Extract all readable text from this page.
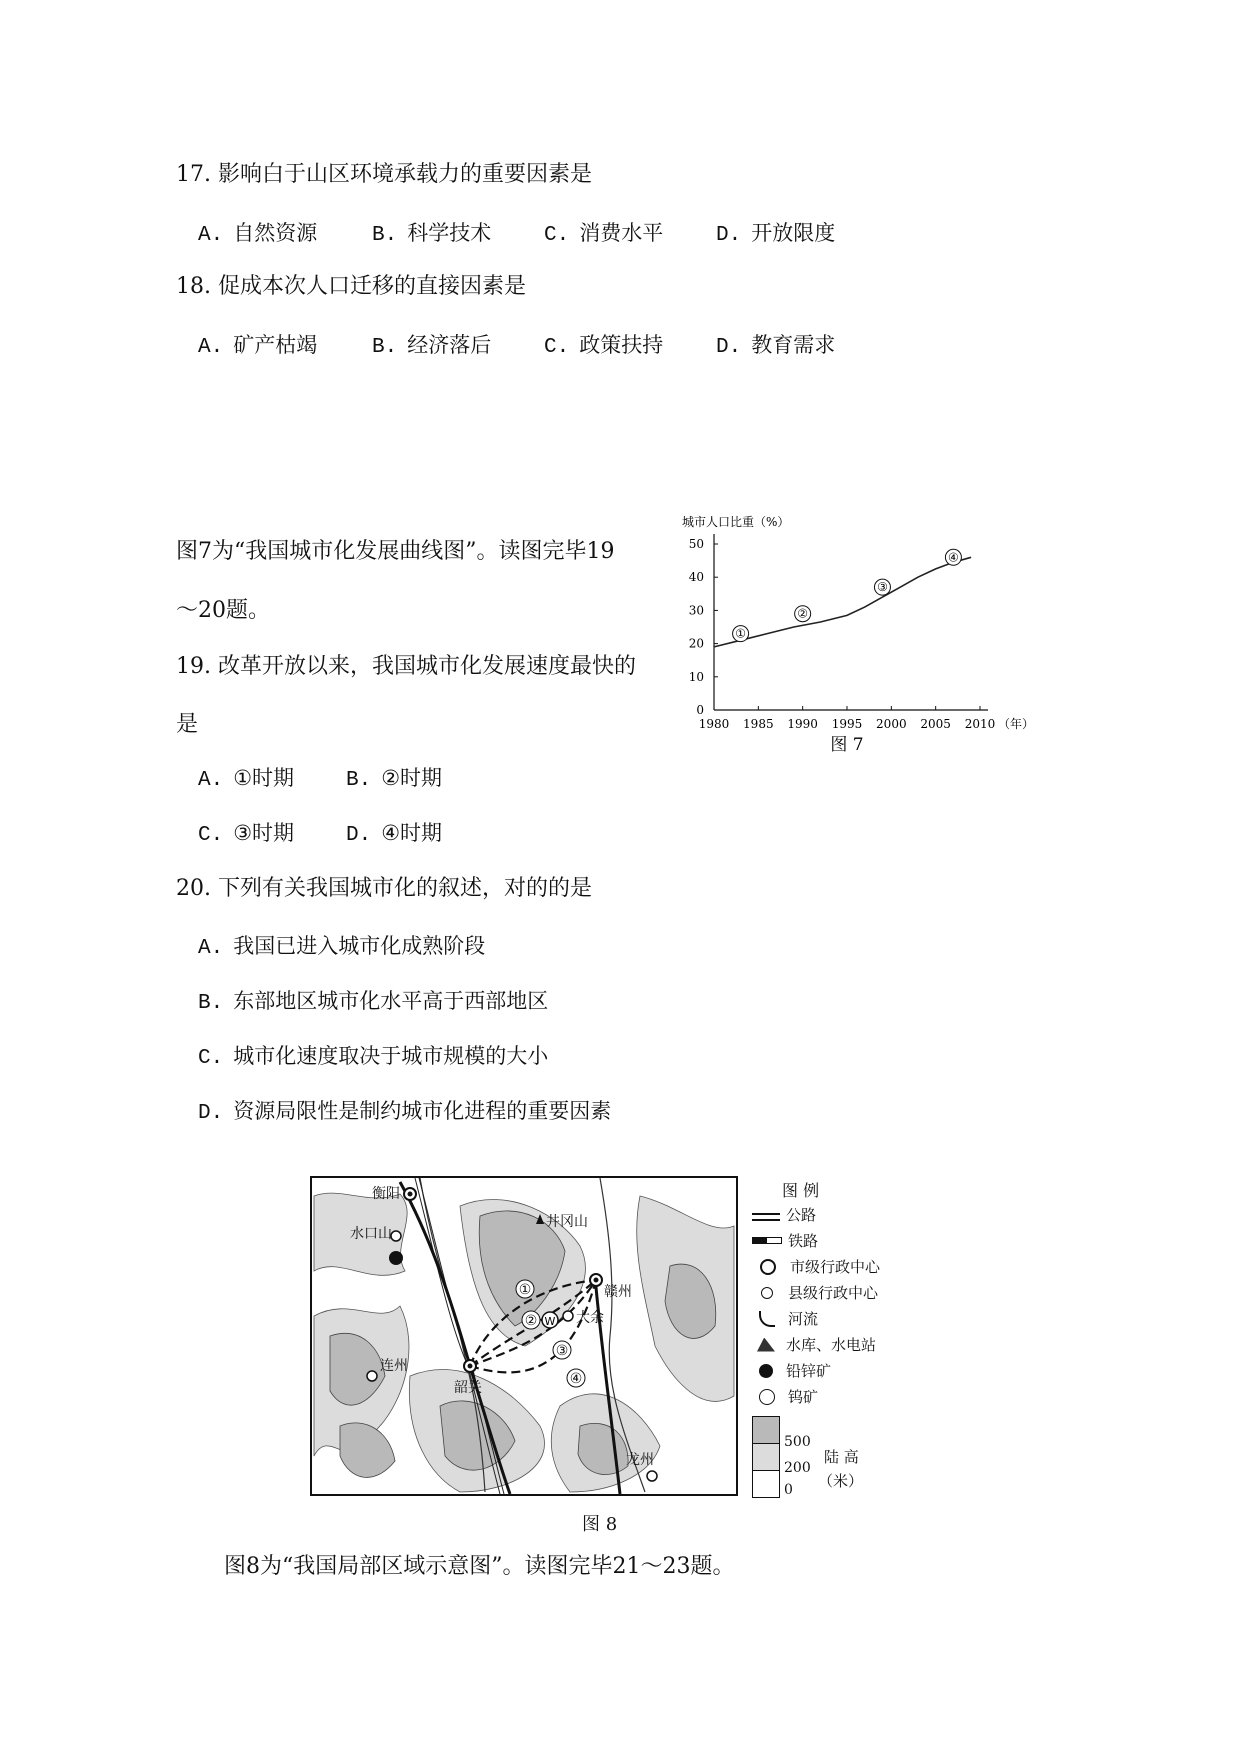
17. 影响白于山区环境承载力的重要因素是
A. 自然资源	B. 科学技术	C. 消费水平	D. 开放限度
18. 促成本次人口迁移的直接因素是
A. 矿产枯竭	B. 经济落后	C. 政策扶持	D. 教育需求
图7为“我国城市化发展曲线图”。读图完毕19
～20题。
19. 改革开放以来，我国城市化发展速度最快的
是
A. ①时期 B. ②时期
C. ③时期 D. ④时期
20. 下列有关我国城市化的叙述，对的的是
A. 我国已进入城市化成熟阶段
B. 东部地区城市化水平高于西部地区
C. 城市化速度取决于城市规模的大小
D. 资源局限性是制约城市化进程的重要因素
城市人口比重（%）
0
10
20
30
40
50
1980 1985 1990 1995 2000 2005 2010 （年）
①
②
③
④
图 7
①
②
③
④
W
衡阳
水口山
井冈山
赣州
大余
韶关
连州
龙州
图 例
公路
铁路
市级行政中心
县级行政中心
河流
水库、水电站
铅锌矿
钨矿
500
200
0
陆 高
（米）
图 8
图8为“我国局部区域示意图”。读图完毕21～23题。
